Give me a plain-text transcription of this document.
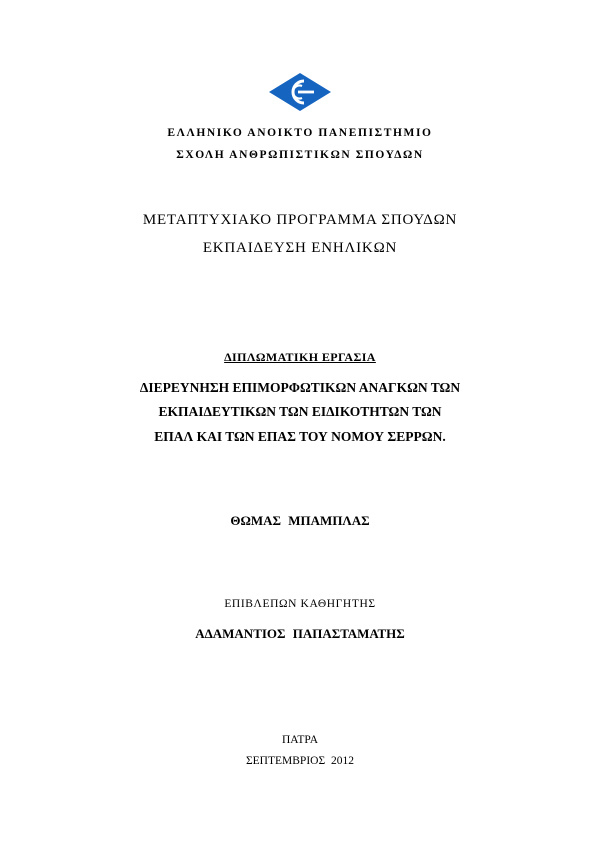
ΕΛΛΗΝΙΚΟ ΑΝΟΙΚΤΟ ΠΑΝΕΠΙΣΤΗΜΙΟ
ΣΧΟΛΗ ΑΝΘΡΩΠΙΣΤΙΚΩΝ ΣΠΟΥΔΩΝ
ΜΕΤΑΠΤΥΧΙΑΚΟ ΠΡΟΓΡΑΜΜΑ ΣΠΟΥΔΩΝ
ΕΚΠΑΙΔΕΥΣΗ ΕΝΗΛΙΚΩΝ
ΔΙΠΛΩΜΑΤΙΚΗ ΕΡΓΑΣΙΑ
ΔΙΕΡΕΥΝΗΣΗ ΕΠΙΜΟΡΦΩΤΙΚΩΝ ΑΝΑΓΚΩΝ ΤΩΝ
ΕΚΠΑΙΔΕΥΤΙΚΩΝ ΤΩΝ ΕΙΔΙΚΟΤΗΤΩΝ ΤΩΝ
ΕΠΑΛ ΚΑΙ ΤΩΝ ΕΠΑΣ ΤΟΥ ΝΟΜΟΥ ΣΕΡΡΩΝ.
ΘΩΜΑΣ ΜΠΑΜΠΛΑΣ
ΕΠΙΒΛΕΠΩΝ ΚΑΘΗΓΗΤΗΣ
ΑΔΑΜΑΝΤΙΟΣ ΠΑΠΑΣΤΑΜΑΤΗΣ
ΠΑΤΡΑ
ΣΕΠΤΕΜΒΡΙΟΣ 2012
